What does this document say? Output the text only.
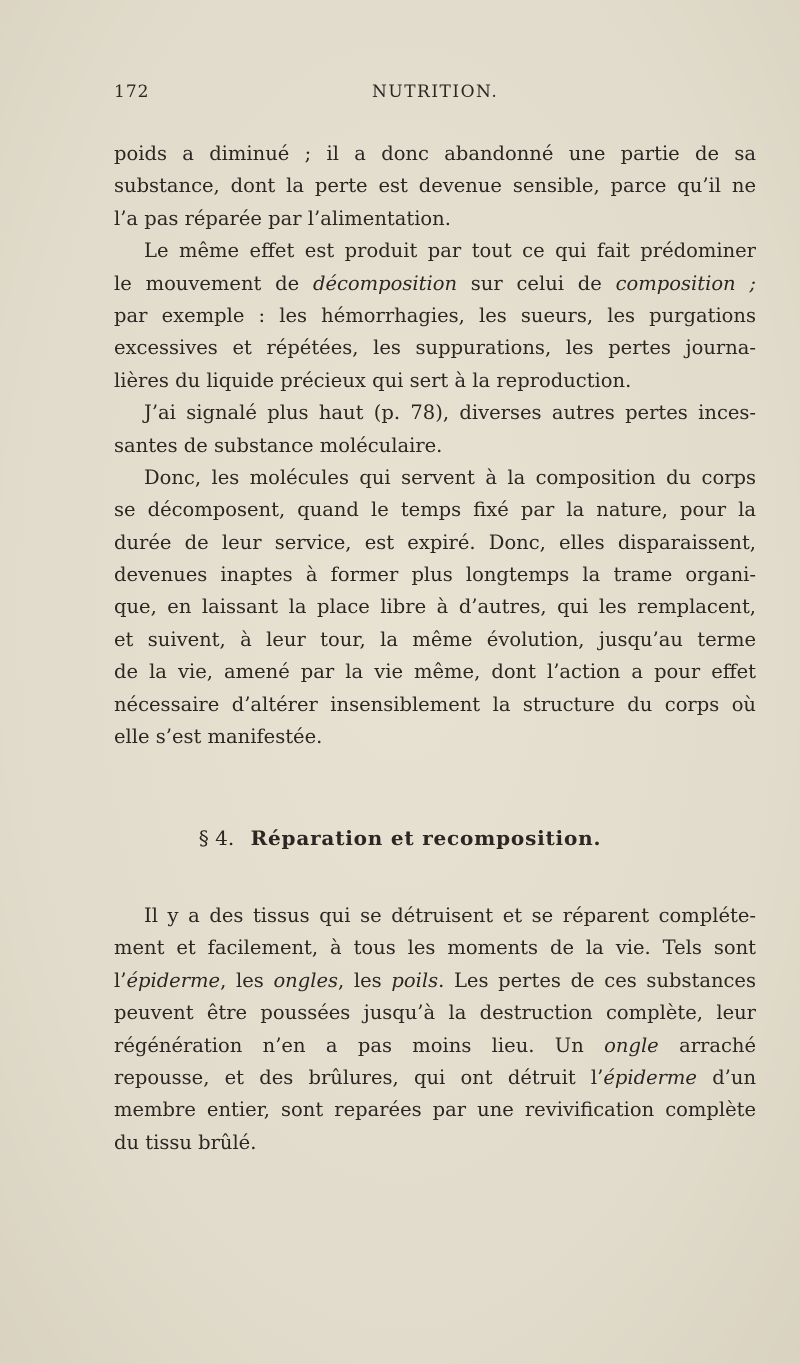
172	NUTRITION.
poids a diminué ; il a donc abandonné une partie de sa
substance, dont la perte est devenue sensible, parce qu’il ne
l’a pas réparée par l’alimentation.
Le même effet est produit par tout ce qui fait prédominer
le mouvement de décomposition sur celui de composition ;
par exemple : les hémorrhagies, les sueurs, les purgations
excessives et répétées, les suppurations, les pertes journa-
lières du liquide précieux qui sert à la reproduction.
J’ai signalé plus haut (p. 78), diverses autres pertes inces-
santes de substance moléculaire.
Donc, les molécules qui servent à la composition du corps
se décomposent, quand le temps fixé par la nature, pour la
durée de leur service, est expiré. Donc, elles disparaissent,
devenues inaptes à former plus longtemps la trame organi-
que, en laissant la place libre à d’autres, qui les remplacent,
et suivent, à leur tour, la même évolution, jusqu’au terme
de la vie, amené par la vie même, dont l’action a pour effet
nécessaire d’altérer insensiblement la structure du corps où
elle s’est manifestée.
§ 4. Réparation et recomposition.
Il y a des tissus qui se détruisent et se réparent compléte-
ment et facilement, à tous les moments de la vie. Tels sont
l’épiderme, les ongles, les poils. Les pertes de ces substances
peuvent être poussées jusqu’à la destruction complète, leur
régénération n’en a pas moins lieu. Un ongle arraché
repousse, et des brûlures, qui ont détruit l’épiderme d’un
membre entier, sont reparées par une revivification complète
du tissu brûlé.
